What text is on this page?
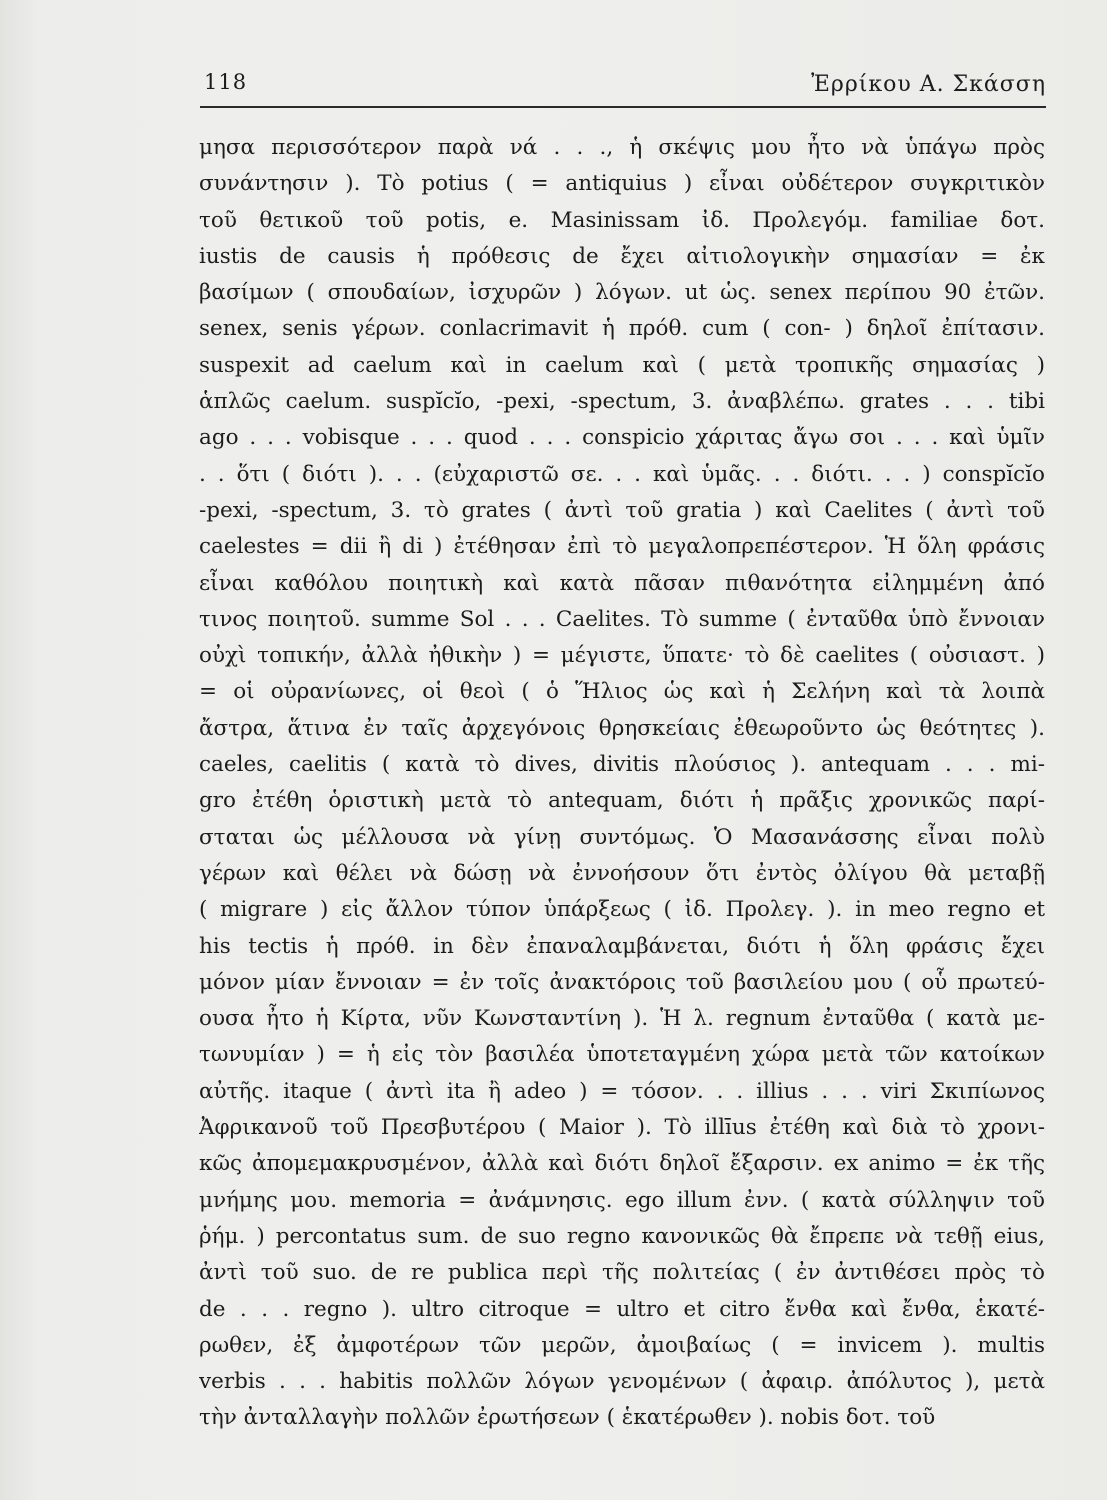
118	Ἐρρίκου Α. Σκάσση
μησα περισσότερον παρὰ νά . . ., ἡ σκέψις μου ἦτο νὰ ὑπάγω πρὸς
συνάντησιν ). Τὸ potius ( = antiquius ) εἶναι οὐδέτερον συγκριτικὸν
τοῦ θετικοῦ τοῦ potis, e. Masinissam ἰδ. Προλεγόμ. familiae δοτ.
iustis de causis ἡ πρόθεσις de ἔχει αἰτιολογικὴν σημασίαν = ἐκ
βασίμων ( σπουδαίων, ἰσχυρῶν ) λόγων. ut ὡς. senex περίπου 90 ἐτῶν.
senex, senis γέρων. conlacrimavit ἡ πρόθ. cum ( con- ) δηλοῖ ἐπίτασιν.
suspexit ad caelum καὶ in caelum καὶ ( μετὰ τροπικῆς σημασίας )
ἁπλῶς caelum. suspĭcĭo, -pexi, -spectum, 3. ἀναβλέπω. grates . . . tibi
ago . . . vobisque . . . quod . . . conspicio χάριτας ἄγω σοι . . . καὶ ὑμῖν
. . ὅτι ( διότι ). . . (εὐχαριστῶ σε. . . καὶ ὑμᾶς. . . διότι. . . ) conspĭcĭo
-pexi, -spectum, 3. τὸ grates ( ἀντὶ τοῦ gratia ) καὶ Caelites ( ἀντὶ τοῦ
caelestes = dii ἢ di ) ἐτέθησαν ἐπὶ τὸ μεγαλοπρεπέστερον. Ἡ ὅλη φράσις
εἶναι καθόλου ποιητικὴ καὶ κατὰ πᾶσαν πιθανότητα εἰλημμένη ἀπό
τινος ποιητοῦ. summe Sol . . . Caelites. Τὸ summe ( ἐνταῦθα ὑπὸ ἔννοιαν
οὐχὶ τοπικήν, ἀλλὰ ἠθικὴν ) = μέγιστε, ὕπατε· τὸ δὲ caelites ( οὐσιαστ. )
= οἱ οὐρανίωνες, οἱ θεοὶ ( ὁ Ἥλιος ὡς καὶ ἡ Σελήνη καὶ τὰ λοιπὰ
ἄστρα, ἅτινα ἐν ταῖς ἀρχεγόνοις θρησκείαις ἐθεωροῦντο ὡς θεότητες ).
caeles, caelitis ( κατὰ τὸ dives, divitis πλούσιος ). antequam . . . mi-
gro ἐτέθη ὁριστικὴ μετὰ τὸ antequam, διότι ἡ πρᾶξις χρονικῶς παρί-
σταται ὡς μέλλουσα νὰ γίνῃ συντόμως. Ὁ Μασανάσσης εἶναι πολὺ
γέρων καὶ θέλει νὰ δώσῃ νὰ ἐννοήσουν ὅτι ἐντὸς ὀλίγου θὰ μεταβῇ
( migrare ) εἰς ἄλλον τύπον ὑπάρξεως ( ἰδ. Προλεγ. ). in meo regno et
his tectis ἡ πρόθ. in δὲν ἐπαναλαμβάνεται, διότι ἡ ὅλη φράσις ἔχει
μόνον μίαν ἔννοιαν = ἐν τοῖς ἀνακτόροις τοῦ βασιλείου μου ( οὗ πρωτεύ-
ουσα ἦτο ἡ Κίρτα, νῦν Κωνσταντίνη ). Ἡ λ. regnum ἐνταῦθα ( κατὰ με-
τωνυμίαν ) = ἡ εἰς τὸν βασιλέα ὑποτεταγμένη χώρα μετὰ τῶν κατοίκων
αὐτῆς. itaque ( ἀντὶ ita ἢ adeo ) = τόσον. . . illius . . . viri Σκιπίωνος
Ἀφρικανοῦ τοῦ Πρεσβυτέρου ( Maior ). Τὸ illīus ἐτέθη καὶ διὰ τὸ χρονι-
κῶς ἀπομεμακρυσμένον, ἀλλὰ καὶ διότι δηλοῖ ἔξαρσιν. ex animo = ἐκ τῆς
μνήμης μου. memoria = ἀνάμνησις. ego illum ἐνν. ( κατὰ σύλληψιν τοῦ
ῥήμ. ) percontatus sum. de suo regno κανονικῶς θὰ ἔπρεπε νὰ τεθῇ eius,
ἀντὶ τοῦ suo. de re publica περὶ τῆς πολιτείας ( ἐν ἀντιθέσει πρὸς τὸ
de . . . regno ). ultro citroque = ultro et citro ἔνθα καὶ ἔνθα, ἑκατέ-
ρωθεν, ἐξ ἀμφοτέρων τῶν μερῶν, ἀμοιβαίως ( = invicem ). multis
verbis . . . habitis πολλῶν λόγων γενομένων ( ἀφαιρ. ἀπόλυτος ), μετὰ
τὴν ἀνταλλαγὴν πολλῶν ἐρωτήσεων ( ἑκατέρωθεν ). nobis δοτ. τοῦ
